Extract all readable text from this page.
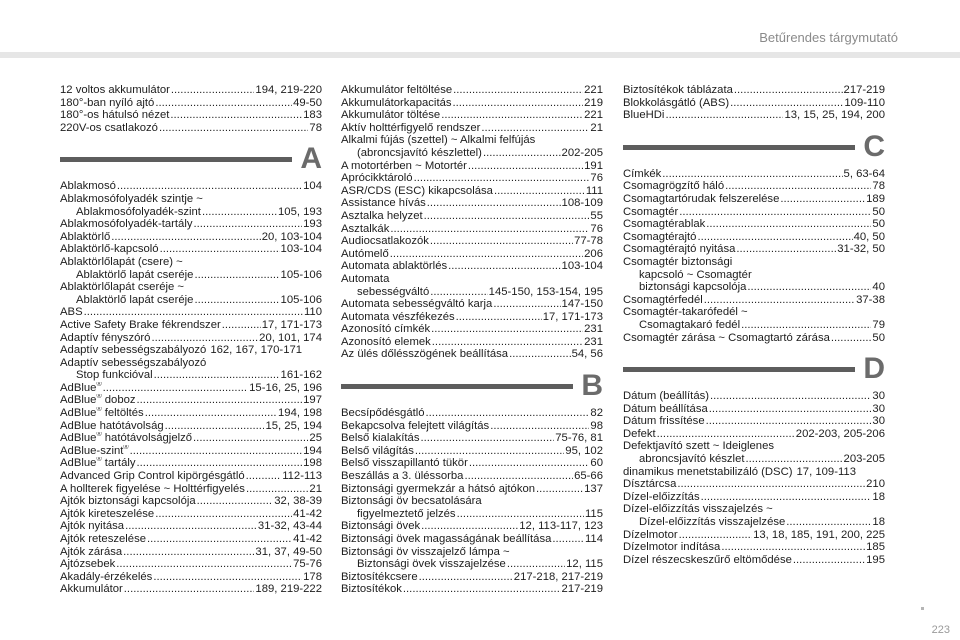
Betűrendes tárgymutató
12 voltos akkumulátor .....	194, 219-220
180°-ban nyíló ajtó .....	49-50
180°-os hátulsó nézet .....	183
220V-os csatlakozó .....	78
A
Ablakmosó .....	104
Ablakmosófolyadék szintje ~
Ablakmosófolyadék-szint .....	105, 193
Ablakmosófolyadék-tartály .....	193
Ablaktörlő .....	20, 103-104
Ablaktörlő-kapcsoló .....	103-104
Ablaktörlőlapát (csere) ~
Ablaktörlő lapát cseréje .....	105-106
Ablaktörlőlapát cseréje ~
Ablaktörlő lapát cseréje .....	105-106
ABS .....	110
Active Safety Brake fékrendszer .....	17, 171-173
Adaptív fényszóró .....	20, 101, 174
Adaptív sebességszabályozó 162, 167, 170-171
Adaptív sebességszabályozó
Stop funkcióval .....	161-162
AdBlue® .....	15-16, 25, 196
AdBlue® doboz .....	197
AdBlue® feltöltés .....	194, 198
AdBlue hatótávolság .....	15, 25, 194
AdBlue® hatótávolságjelző .....	25
AdBlue-szint® .....	194
AdBlue® tartály .....	198
Advanced Grip Control kipörgésgátló .....	112-113
A hollterek figyelése ~ Holttérfigyelés .....	21
Ajtók biztonsági kapcsolója .....	32, 38-39
Ajtók kireteszelése .....	41-42
Ajtók nyitása .....	31-32, 43-44
Ajtók reteszelése .....	41-42
Ajtók zárása .....	31, 37, 49-50
Ajtózsebek .....	75-76
Akadály-érzékelés .....	178
Akkumulátor .....	189, 219-222
Akkumulátor feltöltése .....	221
Akkumulátorkapacitás .....	219
Akkumulátor töltése .....	221
Aktív holttérfigyelő rendszer .....	21
Alkalmi fújás (szettel) ~ Alkalmi felfújás
(abroncsjavító készlettel) .....	202-205
A motortérben ~ Motortér .....	191
Aprócikktároló .....	76
ASR/CDS (ESC) kikapcsolása .....	111
Assistance hívás .....	108-109
Asztalka helyzet .....	55
Asztalkák .....	76
Audiocsatlakozók .....	77-78
Autómelő .....	206
Automata ablaktörlés .....	103-104
Automata
sebességváltó .....	145-150, 153-154, 195
Automata sebességváltó karja .....	147-150
Automata vészfékezés .....	17, 171-173
Azonosító címkék .....	231
Azonosító elemek .....	231
Az ülés dőlésszögének beállítása .....	54, 56
B
Becsípődésgátló .....	82
Bekapcsolva felejtett világítás .....	98
Belső kialakítás .....	75-76, 81
Belső világítás .....	95, 102
Belső visszapillantó tükör .....	60
Beszállás a 3. üléssorba .....	65-66
Biztonsági gyermekzár a hátsó ajtókon .....	137
Biztonsági öv becsatolására
figyelmeztető jelzés .....	115
Biztonsági övek .....	12, 113-117, 123
Biztonsági övek magasságának beállítása .....	114
Biztonsági öv visszajelző lámpa ~
Biztonsági övek visszajelzése .....	12, 115
Biztosítékcsere .....	217-218, 217-219
Biztosítékok .....	217-219
Biztosítékok táblázata .....	217-219
Blokkolásgátló (ABS) .....	109-110
BlueHDi .....	13, 15, 25, 194, 200
C
Címkék .....	5, 63-64
Csomagrögzítő háló .....	78
Csomagtartórudak felszerelése .....	189
Csomagtér .....	50
Csomagtérablak .....	50
Csomagtérajtó .....	40, 50
Csomagtérajtó nyitása .....	31-32, 50
Csomagtér biztonsági
kapcsoló ~ Csomagtér
biztonsági kapcsolója .....	40
Csomagtérfedél .....	37-38
Csomagtér-takarófedél ~
Csomagtakaró fedél .....	79
Csomagtér zárása ~ Csomagtartó zárása .....	50
D
Dátum (beállítás) .....	30
Dátum beállítása .....	30
Dátum frissítése .....	30
Defekt .....	202-203, 205-206
Defektjavító szett ~ Ideiglenes
abroncsjavító készlet .....	203-205
dinamikus menetstabilizáló (DSC) 17, 109-113
Dísztárcsa .....	210
Dízel-előizzítás .....	18
Dízel-előizzítás visszajelzés ~
Dízel-előizzítás visszajelzése .....	18
Dízelmotor .....	13, 18, 185, 191, 200, 225
Dízelmotor indítása .....	185
Dízel részecskeszűrő eltömődése .....	195
223
